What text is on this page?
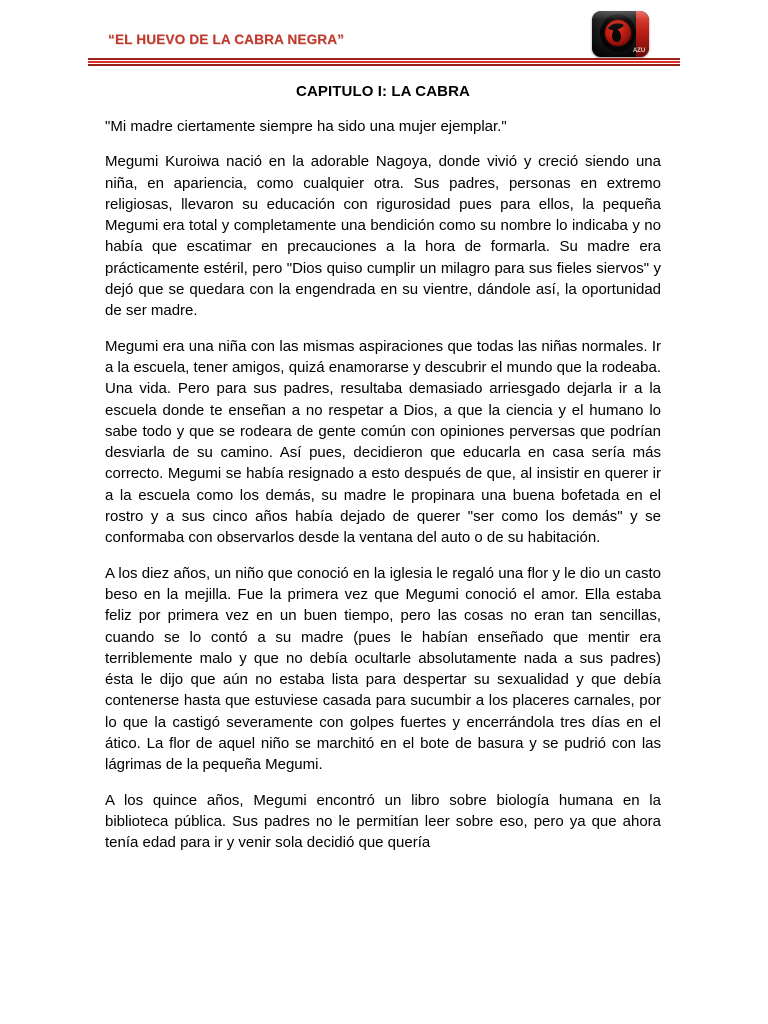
“EL HUEVO DE LA CABRA NEGRA”
AZU
CAPITULO I: LA CABRA

"Mi madre ciertamente siempre ha sido una mujer ejemplar."

Megumi Kuroiwa nació en la adorable Nagoya, donde vivió y creció siendo una niña, en apariencia, como cualquier otra. Sus padres, personas en extremo religiosas, llevaron su educación con rigurosidad pues para ellos, la pequeña Megumi era total y completamente una bendición como su nombre lo indicaba y no había que escatimar en precauciones a la hora de formarla. Su madre era prácticamente estéril, pero "Dios quiso cumplir un milagro para sus fieles siervos" y dejó que se quedara con la engendrada en su vientre, dándole así, la oportunidad de ser madre.

Megumi era una niña con las mismas aspiraciones que todas las niñas normales. Ir a la escuela, tener amigos, quizá enamorarse y descubrir el mundo que la rodeaba. Una vida. Pero para sus padres, resultaba demasiado arriesgado dejarla ir a la escuela donde te enseñan a no respetar a Dios, a que la ciencia y el humano lo sabe todo y que se rodeara de gente común con opiniones perversas que podrían desviarla de su camino. Así pues, decidieron que educarla en casa sería más correcto. Megumi se había resignado a esto después de que, al insistir en querer ir a la escuela como los demás, su madre le propinara una buena bofetada en el rostro y a sus cinco años había dejado de querer "ser como los demás" y se conformaba con observarlos desde la ventana del auto o de su habitación.

A los diez años, un niño que conoció en la iglesia le regaló una flor y le dio un casto beso en la mejilla. Fue la primera vez que Megumi conoció el amor. Ella estaba feliz por primera vez en un buen tiempo, pero las cosas no eran tan sencillas, cuando se lo contó a su madre (pues le habían enseñado que mentir era terriblemente malo y que no debía ocultarle absolutamente nada a sus padres) ésta le dijo que aún no estaba lista para despertar su sexualidad y que debía contenerse hasta que estuviese casada para sucumbir a los placeres carnales, por lo que la castigó severamente con golpes fuertes y encerrándola tres días en el ático. La flor de aquel niño se marchitó en el bote de basura y se pudrió con las lágrimas de la pequeña Megumi.

A los quince años, Megumi encontró un libro sobre biología humana en la biblioteca pública. Sus padres no le permitían leer sobre eso, pero ya que ahora tenía edad para ir y venir sola decidió que quería
